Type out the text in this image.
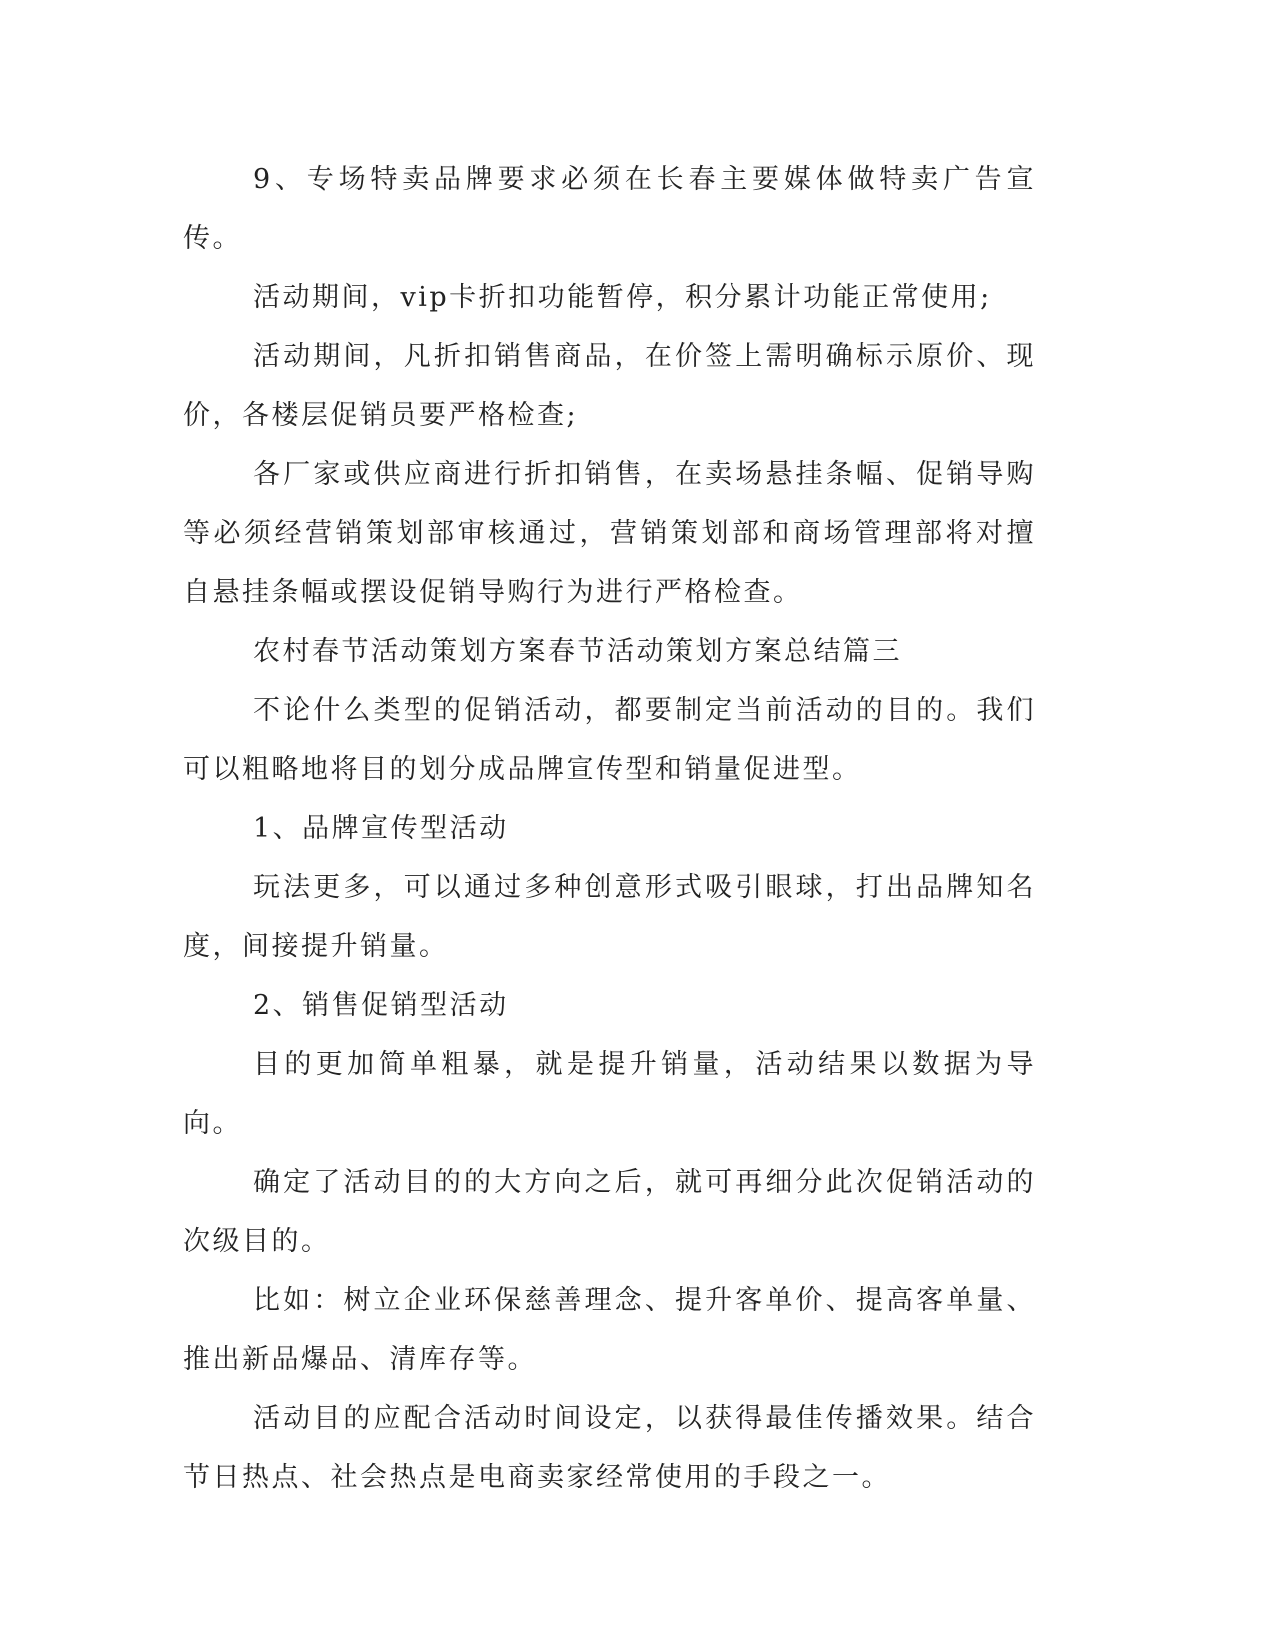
9、专场特卖品牌要求必须在长春主要媒体做特卖广告宣传。

活动期间，vip卡折扣功能暂停，积分累计功能正常使用;

活动期间，凡折扣销售商品，在价签上需明确标示原价、现价，各楼层促销员要严格检查;

各厂家或供应商进行折扣销售，在卖场悬挂条幅、促销导购等必须经营销策划部审核通过，营销策划部和商场管理部将对擅自悬挂条幅或摆设促销导购行为进行严格检查。

农村春节活动策划方案春节活动策划方案总结篇三

不论什么类型的促销活动，都要制定当前活动的目的。我们可以粗略地将目的划分成品牌宣传型和销量促进型。

1、品牌宣传型活动

玩法更多，可以通过多种创意形式吸引眼球，打出品牌知名度，间接提升销量。

2、销售促销型活动

目的更加简单粗暴，就是提升销量，活动结果以数据为导向。

确定了活动目的的大方向之后，就可再细分此次促销活动的次级目的。

比如：树立企业环保慈善理念、提升客单价、提高客单量、推出新品爆品、清库存等。

活动目的应配合活动时间设定，以获得最佳传播效果。结合节日热点、社会热点是电商卖家经常使用的手段之一。
